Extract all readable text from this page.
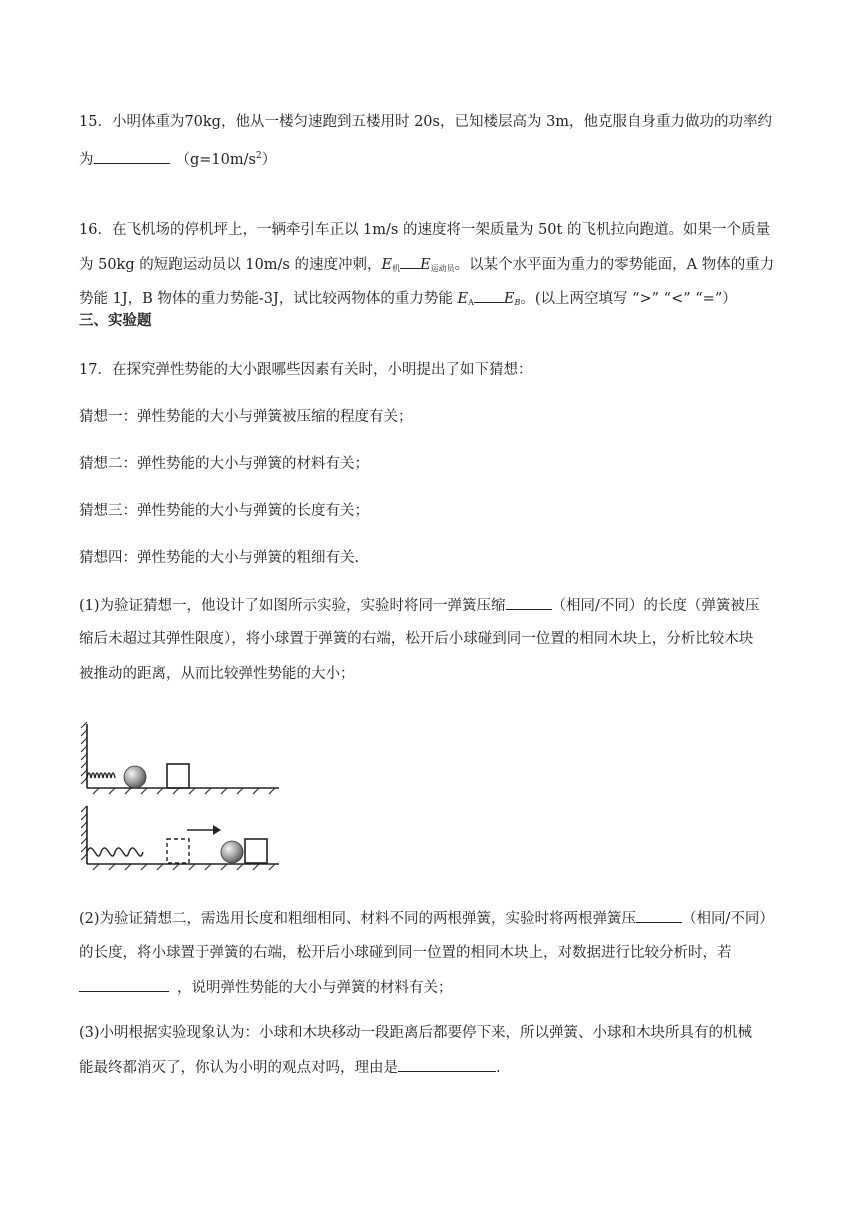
15．小明体重为70kg，他从一楼匀速跑到五楼用时 20s，已知楼层高为 3m，他克服自身重力做功的功率约
为	$(g=10m/s^2)$
16．在飞机场的停机坪上，一辆牵引车正以 1m/s 的速度将一架质量为 50t 的飞机拉向跑道。如果一个质量
为 50kg 的短跑运动员以 10m/s 的速度冲刺，$E_机$ $E_{运动员}$。以某个水平面为重力的零势能面，A 物体的重力
势能 1J，B 物体的重力势能-3J，试比较两物体的重力势能 $E_A$ $E_B$。(以上两空填写 “>” “<” “=”）
三、实验题
17．在探究弹性势能的大小跟哪些因素有关时，小明提出了如下猜想：
猜想一：弹性势能的大小与弹簧被压缩的程度有关；
猜想二：弹性势能的大小与弹簧的材料有关；
猜想三：弹性势能的大小与弹簧的长度有关；
猜想四：弹性势能的大小与弹簧的粗细有关.
(1)为验证猜想一，他设计了如图所示实验，实验时将同一弹簧压缩	（相同/不同）的长度（弹簧被压
缩后未超过其弹性限度），将小球置于弹簧的右端，松开后小球碰到同一位置的相同木块上，分析比较木块
被推动的距离，从而比较弹性势能的大小；
(2)为验证猜想二，需选用长度和粗细相同、材料不同的两根弹簧，实验时将两根弹簧压	（相同/不同）
的长度，将小球置于弹簧的右端，松开后小球碰到同一位置的相同木块上，对数据进行比较分析时，若
，说明弹性势能的大小与弹簧的材料有关；
(3)小明根据实验现象认为：小球和木块移动一段距离后都要停下来，所以弹簧、小球和木块所具有的机械
能最终都消灭了，你认为小明的观点对吗，理由是	.
